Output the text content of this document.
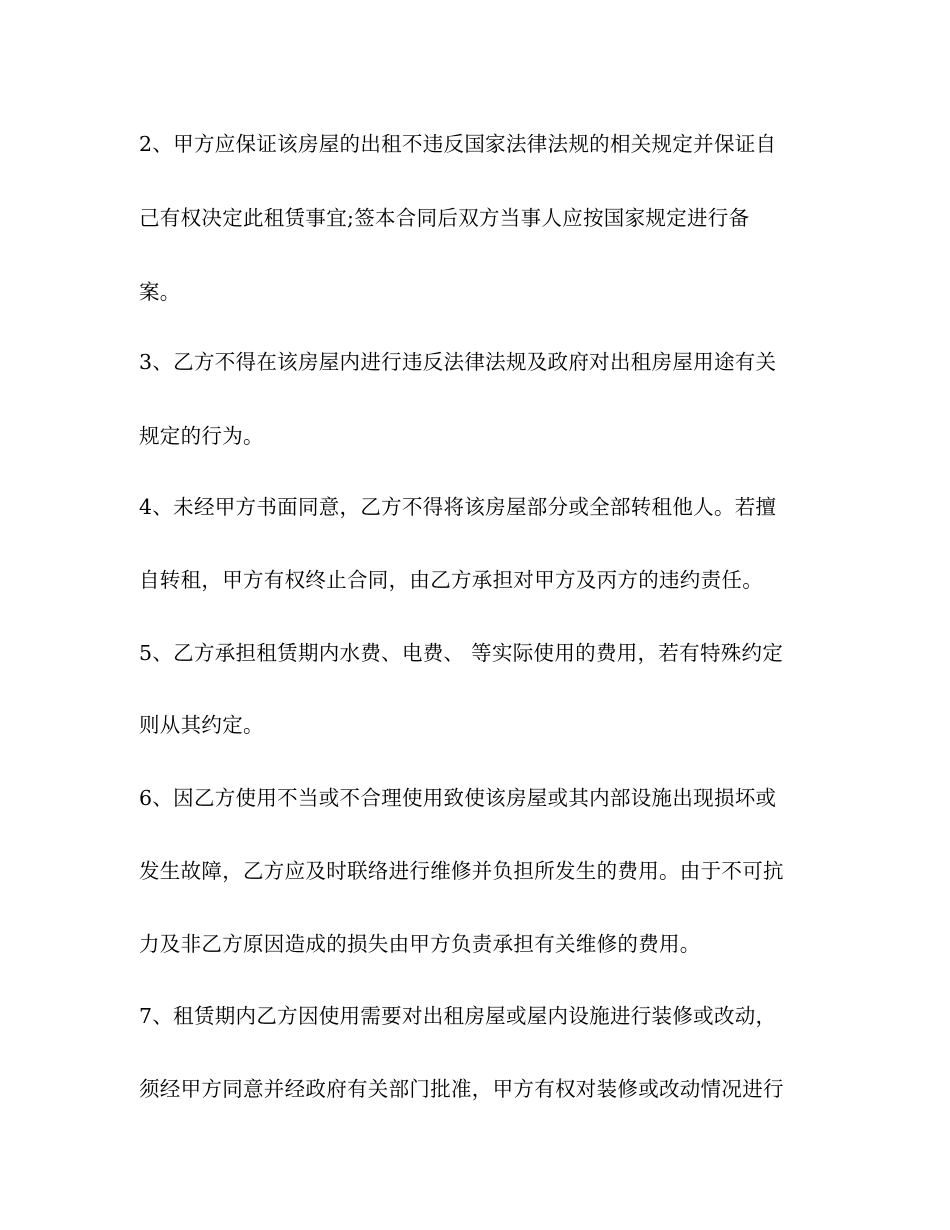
2、甲方应保证该房屋的出租不违反国家法律法规的相关规定并保证自
己有权决定此租赁事宜;签本合同后双方当事人应按国家规定进行备
案。
3、乙方不得在该房屋内进行违反法律法规及政府对出租房屋用途有关
规定的行为。
4、未经甲方书面同意，乙方不得将该房屋部分或全部转租他人。若擅
自转租，甲方有权终止合同，由乙方承担对甲方及丙方的违约责任。
5、乙方承担租赁期内水费、电费、 等实际使用的费用，若有特殊约定
则从其约定。
6、因乙方使用不当或不合理使用致使该房屋或其内部设施出现损坏或
发生故障，乙方应及时联络进行维修并负担所发生的费用。由于不可抗
力及非乙方原因造成的损失由甲方负责承担有关维修的费用。
7、租赁期内乙方因使用需要对出租房屋或屋内设施进行装修或改动，
须经甲方同意并经政府有关部门批准，甲方有权对装修或改动情况进行
